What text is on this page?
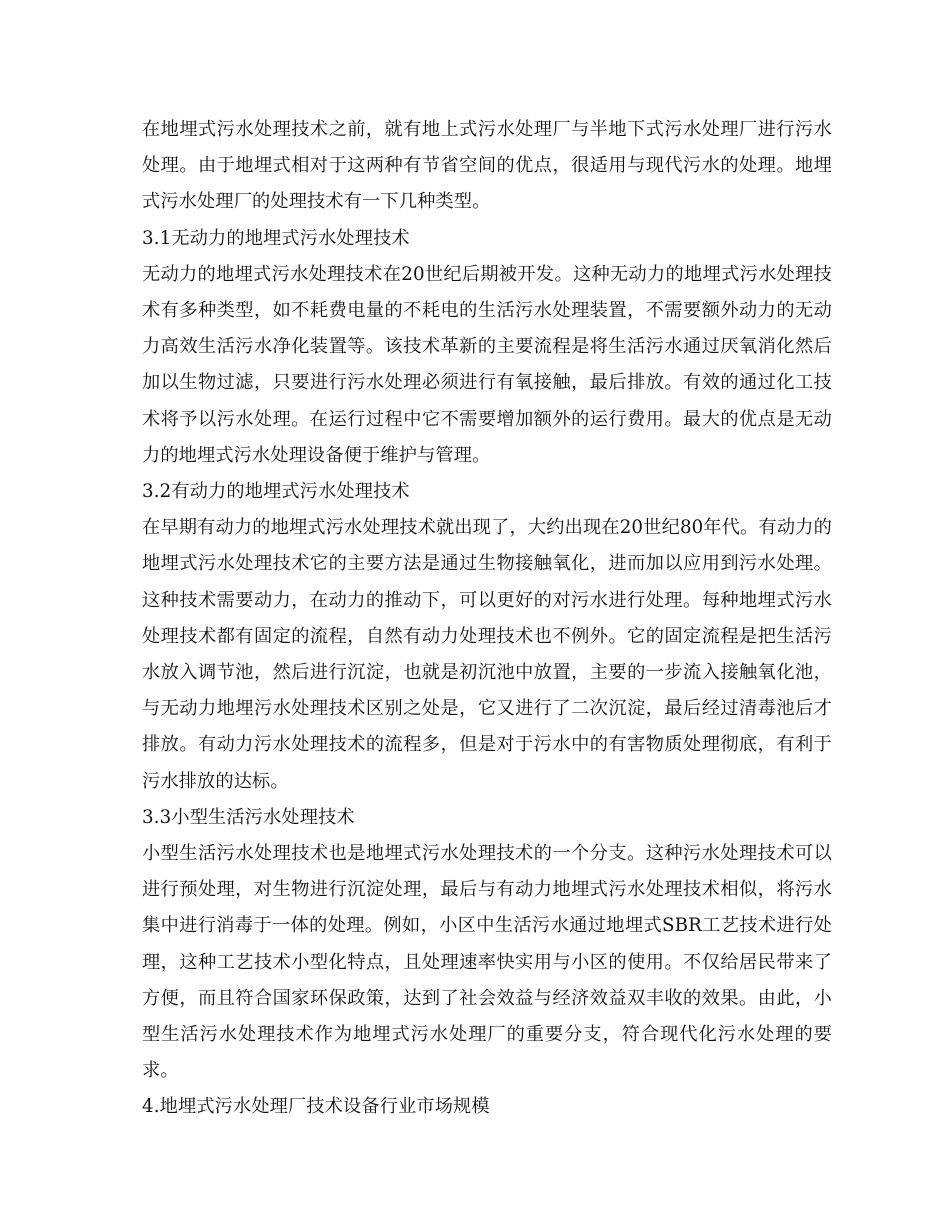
在地埋式污水处理技术之前，就有地上式污水处理厂与半地下式污水处理厂进行污水处理。由于地埋式相对于这两种有节省空间的优点，很适用与现代污水的处理。地埋式污水处理厂的处理技术有一下几种类型。

3.1无动力的地埋式污水处理技术

无动力的地埋式污水处理技术在20世纪后期被开发。这种无动力的地埋式污水处理技术有多种类型，如不耗费电量的不耗电的生活污水处理装置，不需要额外动力的无动力高效生活污水净化装置等。该技术革新的主要流程是将生活污水通过厌氧消化然后加以生物过滤，只要进行污水处理必须进行有氧接触，最后排放。有效的通过化工技术将予以污水处理。在运行过程中它不需要增加额外的运行费用。最大的优点是无动力的地埋式污水处理设备便于维护与管理。

3.2有动力的地埋式污水处理技术

在早期有动力的地埋式污水处理技术就出现了，大约出现在20世纪80年代。有动力的地埋式污水处理技术它的主要方法是通过生物接触氧化，进而加以应用到污水处理。这种技术需要动力，在动力的推动下，可以更好的对污水进行处理。每种地埋式污水处理技术都有固定的流程，自然有动力处理技术也不例外。它的固定流程是把生活污水放入调节池，然后进行沉淀，也就是初沉池中放置，主要的一步流入接触氧化池，与无动力地埋污水处理技术区别之处是，它又进行了二次沉淀，最后经过清毒池后才排放。有动力污水处理技术的流程多，但是对于污水中的有害物质处理彻底，有利于污水排放的达标。

3.3小型生活污水处理技术

小型生活污水处理技术也是地埋式污水处理技术的一个分支。这种污水处理技术可以进行预处理，对生物进行沉淀处理，最后与有动力地埋式污水处理技术相似，将污水集中进行消毒于一体的处理。例如，小区中生活污水通过地埋式SBR工艺技术进行处理，这种工艺技术小型化特点，且处理速率快实用与小区的使用。不仅给居民带来了方便，而且符合国家环保政策，达到了社会效益与经济效益双丰收的效果。由此，小型生活污水处理技术作为地埋式污水处理厂的重要分支，符合现代化污水处理的要求。

4.地埋式污水处理厂技术设备行业市场规模
